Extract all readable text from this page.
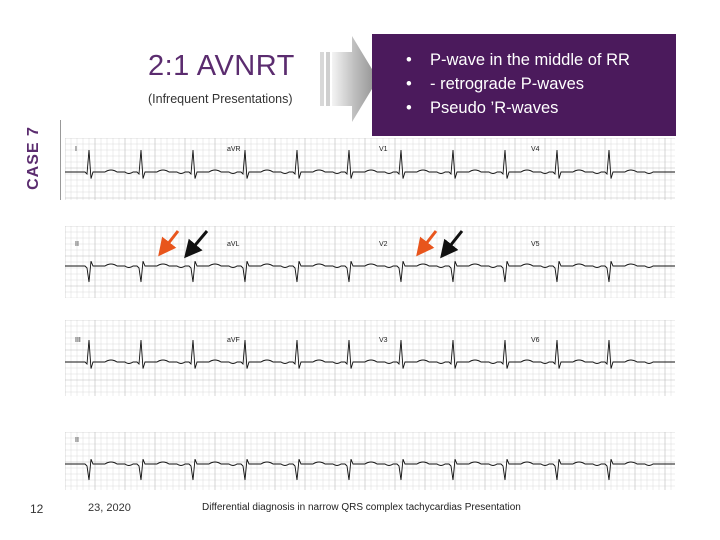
2:1 AVNRT
(Infrequent Presentations)
• P-wave in the middle of RR
• - retrograde P-waves
• Pseudo ’R-waves
CASE 7	I	aVR	V1	V4
II	aVL	V2	V5
III	aVF	V3	V6
II
12	23, 2020	Differential diagnosis in narrow QRS complex tachycardias Presentation
